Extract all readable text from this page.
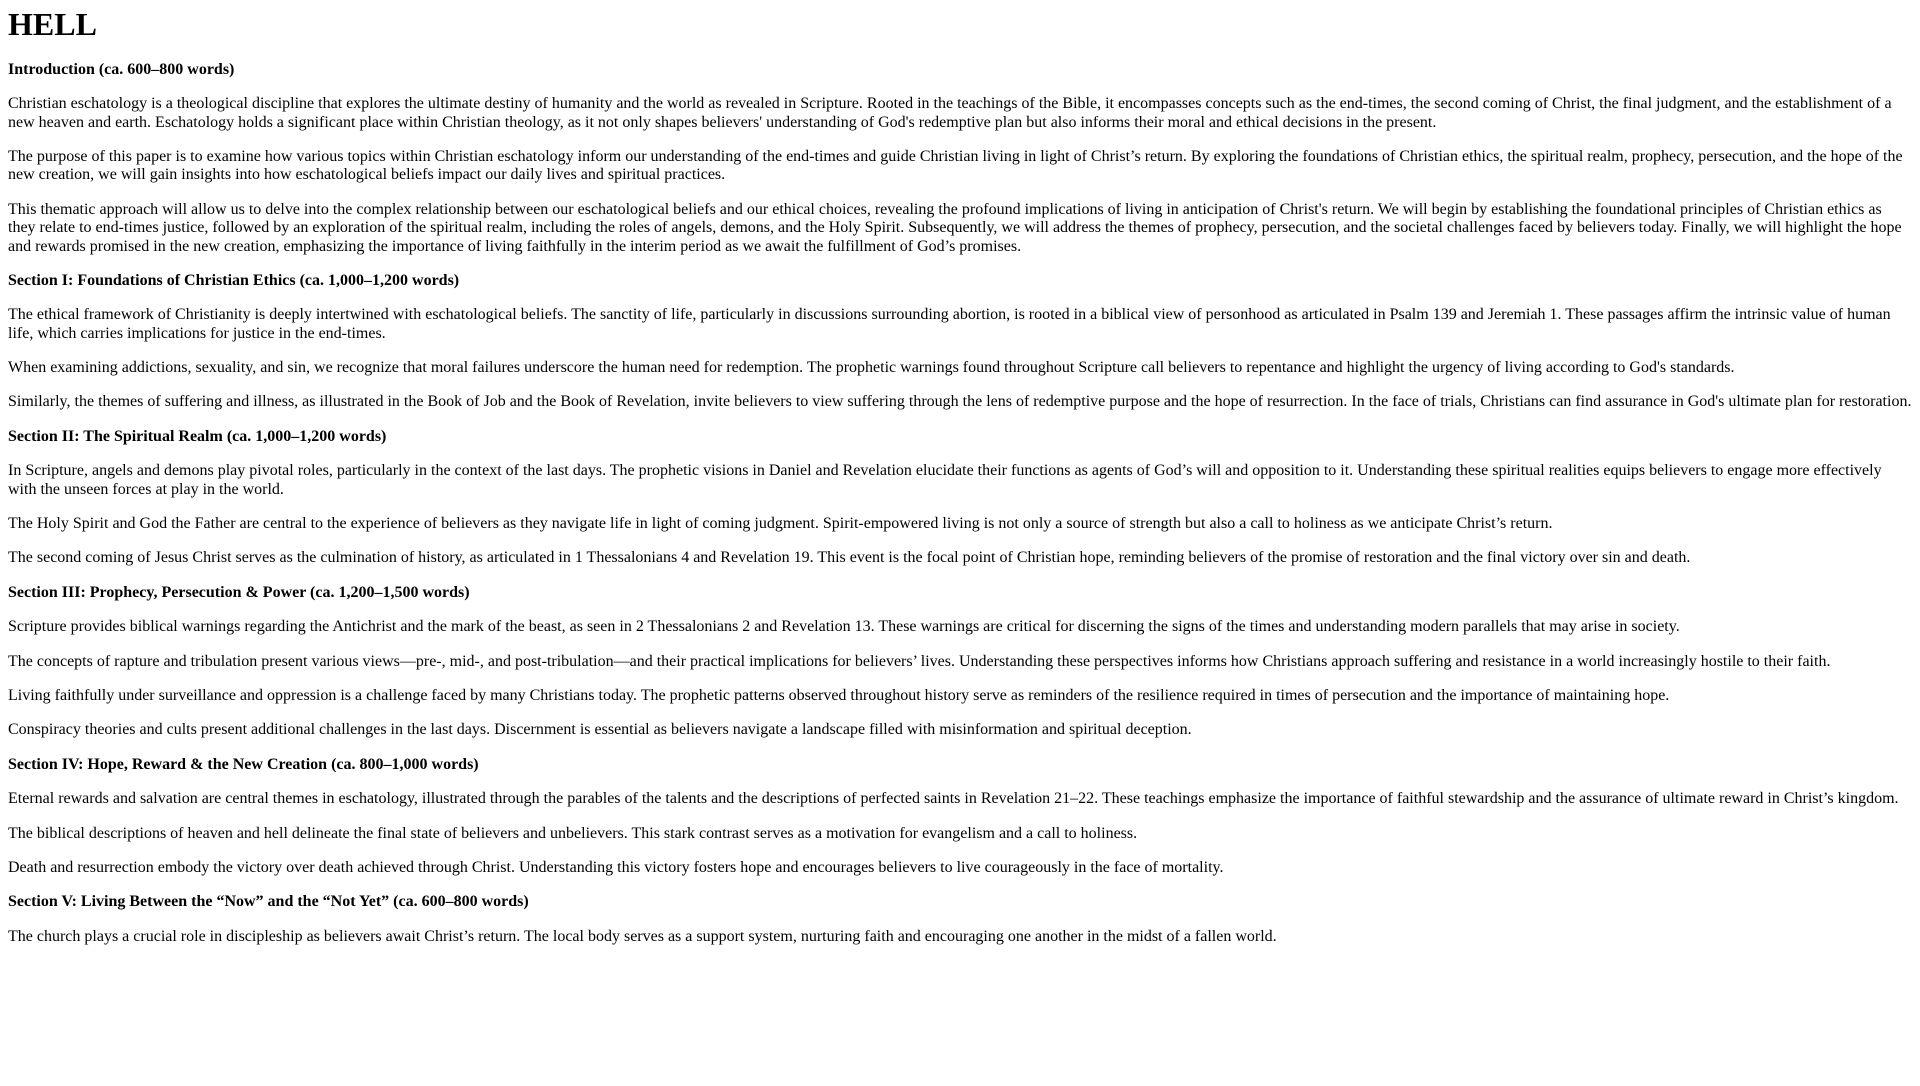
HELL
Introduction (ca. 600–800 words)

Christian eschatology is a theological discipline that explores the ultimate destiny of humanity and the world as revealed in Scripture. Rooted in the teachings of the Bible, it encompasses concepts such as the end-times, the second coming of Christ, the final judgment, and the establishment of a new heaven and earth. Eschatology holds a significant place within Christian theology, as it not only shapes believers' understanding of God's redemptive plan but also informs their moral and ethical decisions in the present.

The purpose of this paper is to examine how various topics within Christian eschatology inform our understanding of the end-times and guide Christian living in light of Christ’s return. By exploring the foundations of Christian ethics, the spiritual realm, prophecy, persecution, and the hope of the new creation, we will gain insights into how eschatological beliefs impact our daily lives and spiritual practices.

This thematic approach will allow us to delve into the complex relationship between our eschatological beliefs and our ethical choices, revealing the profound implications of living in anticipation of Christ's return. We will begin by establishing the foundational principles of Christian ethics as they relate to end-times justice, followed by an exploration of the spiritual realm, including the roles of angels, demons, and the Holy Spirit. Subsequently, we will address the themes of prophecy, persecution, and the societal challenges faced by believers today. Finally, we will highlight the hope and rewards promised in the new creation, emphasizing the importance of living faithfully in the interim period as we await the fulfillment of God’s promises.

Section I: Foundations of Christian Ethics (ca. 1,000–1,200 words)

The ethical framework of Christianity is deeply intertwined with eschatological beliefs. The sanctity of life, particularly in discussions surrounding abortion, is rooted in a biblical view of personhood as articulated in Psalm 139 and Jeremiah 1. These passages affirm the intrinsic value of human life, which carries implications for justice in the end-times.

When examining addictions, sexuality, and sin, we recognize that moral failures underscore the human need for redemption. The prophetic warnings found throughout Scripture call believers to repentance and highlight the urgency of living according to God's standards.

Similarly, the themes of suffering and illness, as illustrated in the Book of Job and the Book of Revelation, invite believers to view suffering through the lens of redemptive purpose and the hope of resurrection. In the face of trials, Christians can find assurance in God's ultimate plan for restoration.

Section II: The Spiritual Realm (ca. 1,000–1,200 words)

In Scripture, angels and demons play pivotal roles, particularly in the context of the last days. The prophetic visions in Daniel and Revelation elucidate their functions as agents of God’s will and opposition to it. Understanding these spiritual realities equips believers to engage more effectively with the unseen forces at play in the world.

The Holy Spirit and God the Father are central to the experience of believers as they navigate life in light of coming judgment. Spirit-empowered living is not only a source of strength but also a call to holiness as we anticipate Christ’s return.

The second coming of Jesus Christ serves as the culmination of history, as articulated in 1 Thessalonians 4 and Revelation 19. This event is the focal point of Christian hope, reminding believers of the promise of restoration and the final victory over sin and death.

Section III: Prophecy, Persecution & Power (ca. 1,200–1,500 words)

Scripture provides biblical warnings regarding the Antichrist and the mark of the beast, as seen in 2 Thessalonians 2 and Revelation 13. These warnings are critical for discerning the signs of the times and understanding modern parallels that may arise in society.

The concepts of rapture and tribulation present various views—pre-, mid-, and post-tribulation—and their practical implications for believers’ lives. Understanding these perspectives informs how Christians approach suffering and resistance in a world increasingly hostile to their faith.

Living faithfully under surveillance and oppression is a challenge faced by many Christians today. The prophetic patterns observed throughout history serve as reminders of the resilience required in times of persecution and the importance of maintaining hope.

Conspiracy theories and cults present additional challenges in the last days. Discernment is essential as believers navigate a landscape filled with misinformation and spiritual deception.

Section IV: Hope, Reward & the New Creation (ca. 800–1,000 words)

Eternal rewards and salvation are central themes in eschatology, illustrated through the parables of the talents and the descriptions of perfected saints in Revelation 21–22. These teachings emphasize the importance of faithful stewardship and the assurance of ultimate reward in Christ’s kingdom.

The biblical descriptions of heaven and hell delineate the final state of believers and unbelievers. This stark contrast serves as a motivation for evangelism and a call to holiness.

Death and resurrection embody the victory over death achieved through Christ. Understanding this victory fosters hope and encourages believers to live courageously in the face of mortality.

Section V: Living Between the “Now” and the “Not Yet” (ca. 600–800 words)

The church plays a crucial role in discipleship as believers await Christ’s return. The local body serves as a support system, nurturing faith and encouraging one another in the midst of a fallen world.
